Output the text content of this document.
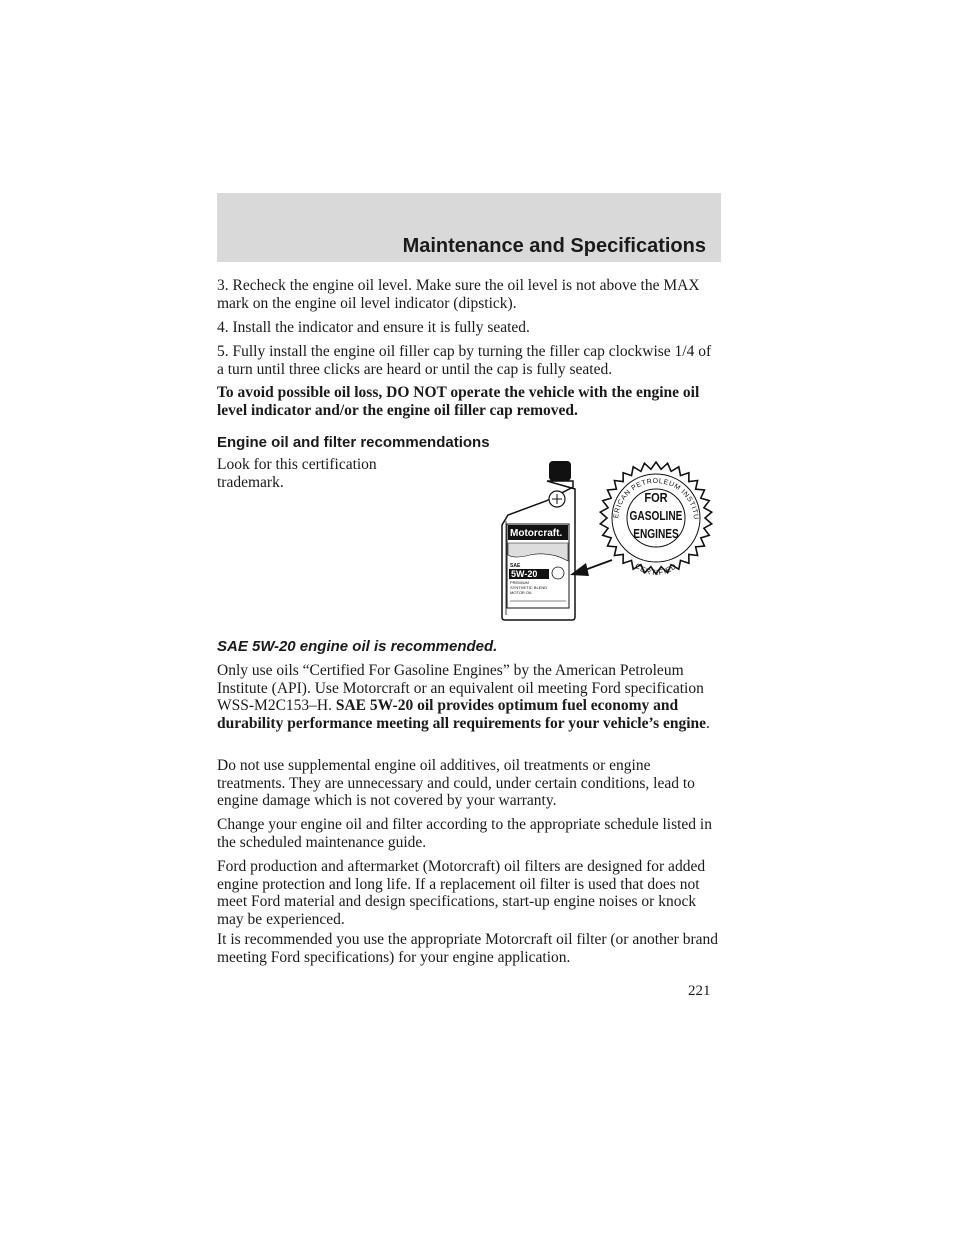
Maintenance and Specifications

3. Recheck the engine oil level. Make sure the oil level is not above the MAX mark on the engine oil level indicator (dipstick).

4. Install the indicator and ensure it is fully seated.

5. Fully install the engine oil filler cap by turning the filler cap clockwise 1/4 of a turn until three clicks are heard or until the cap is fully seated.

To avoid possible oil loss, DO NOT operate the vehicle with the engine oil level indicator and/or the engine oil filler cap removed.

Engine oil and filter recommendations

Look for this certification trademark.

Motorcraft.
SAE
5W-20
PREMIUM
SYNTHETIC BLEND
MOTOR OIL
ERICAN PETROLEUM INSTITU
CERTIFIED
FOR
GASOLINE
ENGINES

SAE 5W-20 engine oil is recommended.

Only use oils “Certified For Gasoline Engines” by the American Petroleum Institute (API). Use Motorcraft or an equivalent oil meeting Ford specification WSS-M2C153–H. SAE 5W-20 oil provides optimum fuel economy and durability performance meeting all requirements for your vehicle’s engine.

Do not use supplemental engine oil additives, oil treatments or engine treatments. They are unnecessary and could, under certain conditions, lead to engine damage which is not covered by your warranty.

Change your engine oil and filter according to the appropriate schedule listed in the scheduled maintenance guide.

Ford production and aftermarket (Motorcraft) oil filters are designed for added engine protection and long life. If a replacement oil filter is used that does not meet Ford material and design specifications, start-up engine noises or knock may be experienced.

It is recommended you use the appropriate Motorcraft oil filter (or another brand meeting Ford specifications) for your engine application.

221
